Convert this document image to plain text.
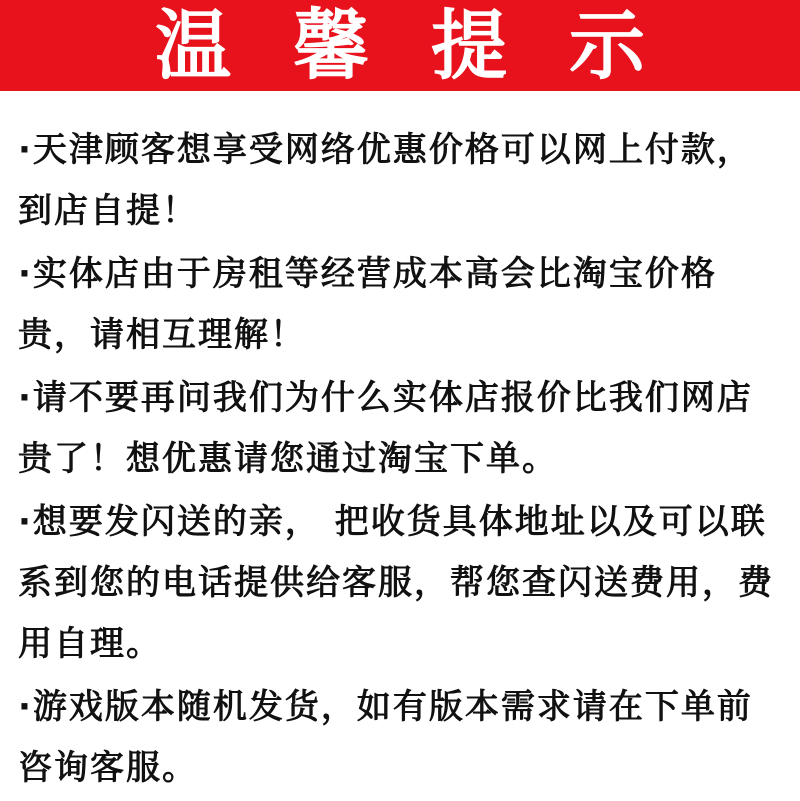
温馨提示
·天津顾客想享受网络优惠价格可以网上付款，到店自提！
·实体店由于房租等经营成本高会比淘宝价格贵，请相互理解！
·请不要再问我们为什么实体店报价比我们网店贵了！想优惠请您通过淘宝下单。
·想要发闪送的亲， 把收货具体地址以及可以联系到您的电话提供给客服，帮您查闪送费用，费用自理。
·游戏版本随机发货，如有版本需求请在下单前咨询客服。
